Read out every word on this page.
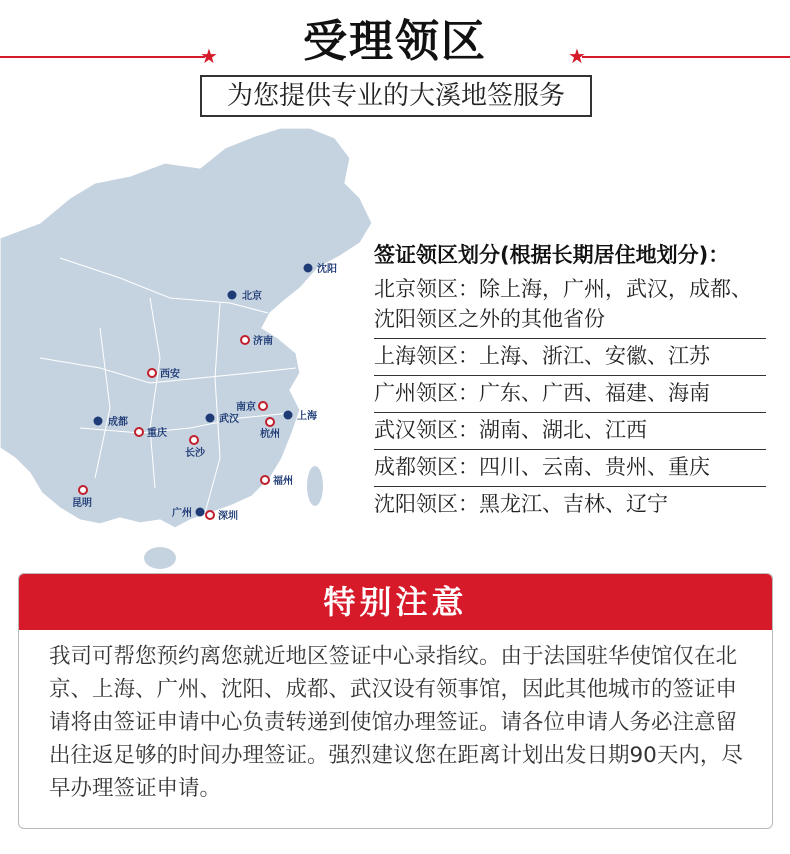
★	★
受理领区
为您提供专业的大溪地签服务
沈阳
北京
上海
成都	武汉
广州
济南
西安
南京
杭州
重庆
长沙
福州
昆明
深圳
签证领区划分(根据长期居住地划分)：
北京领区：除上海，广州，武汉，成都、沈阳领区之外的其他省份
上海领区：上海、浙江、安徽、江苏
广州领区：广东、广西、福建、海南
武汉领区：湖南、湖北、江西
成都领区：四川、云南、贵州、重庆
沈阳领区：黑龙江、吉林、辽宁
特别注意
我司可帮您预约离您就近地区签证中心录指纹。由于法国驻华使馆仅在北京、上海、广州、沈阳、成都、武汉设有领事馆，因此其他城市的签证申请将由签证申请中心负责转递到使馆办理签证。请各位申请人务必注意留出往返足够的时间办理签证。强烈建议您在距离计划出发日期90天内，尽早办理签证申请。
